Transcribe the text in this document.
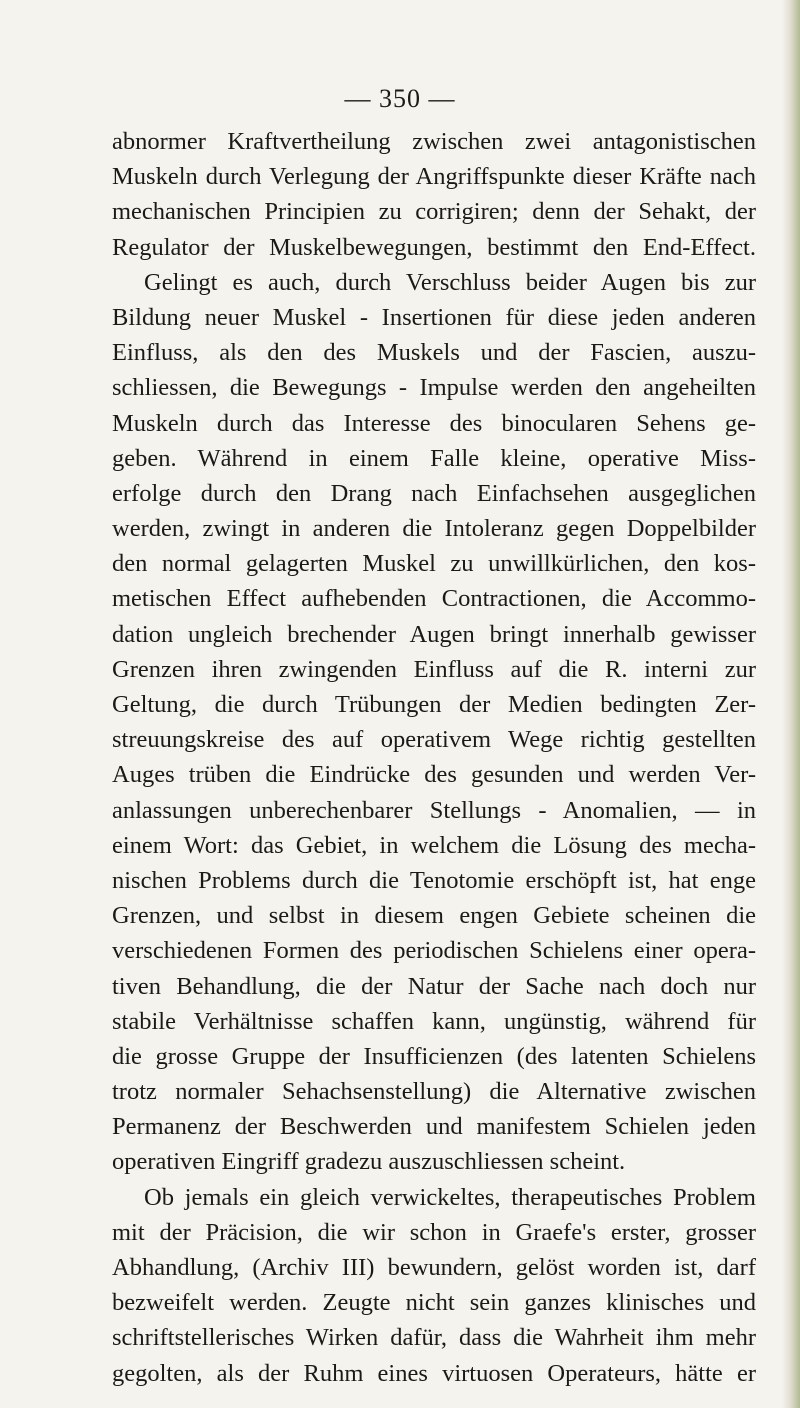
— 350 —
abnormer Kraftvertheilung zwischen zwei antagonistischen
Muskeln durch Verlegung der Angriffspunkte dieser Kräfte nach
mechanischen Principien zu corrigiren; denn der Sehakt, der
Regulator der Muskelbewegungen, bestimmt den End-Effect.
Gelingt es auch, durch Verschluss beider Augen bis zur
Bildung neuer Muskel - Insertionen für diese jeden anderen
Einfluss, als den des Muskels und der Fascien, auszu-
schliessen, die Bewegungs - Impulse werden den angeheilten
Muskeln durch das Interesse des binocularen Sehens ge-
geben. Während in einem Falle kleine, operative Miss-
erfolge durch den Drang nach Einfachsehen ausgeglichen
werden, zwingt in anderen die Intoleranz gegen Doppelbilder
den normal gelagerten Muskel zu unwillkürlichen, den kos-
metischen Effect aufhebenden Contractionen, die Accommo-
dation ungleich brechender Augen bringt innerhalb gewisser
Grenzen ihren zwingenden Einfluss auf die R. interni zur
Geltung, die durch Trübungen der Medien bedingten Zer-
streuungskreise des auf operativem Wege richtig gestellten
Auges trüben die Eindrücke des gesunden und werden Ver-
anlassungen unberechenbarer Stellungs - Anomalien, — in
einem Wort: das Gebiet, in welchem die Lösung des mecha-
nischen Problems durch die Tenotomie erschöpft ist, hat enge
Grenzen, und selbst in diesem engen Gebiete scheinen die
verschiedenen Formen des periodischen Schielens einer opera-
tiven Behandlung, die der Natur der Sache nach doch nur
stabile Verhältnisse schaffen kann, ungünstig, während für
die grosse Gruppe der Insufficienzen (des latenten Schielens
trotz normaler Sehachsenstellung) die Alternative zwischen
Permanenz der Beschwerden und manifestem Schielen jeden
operativen Eingriff gradezu auszuschliessen scheint.
Ob jemals ein gleich verwickeltes, therapeutisches Problem
mit der Präcision, die wir schon in Graefe's erster, grosser
Abhandlung, (Archiv III) bewundern, gelöst worden ist, darf
bezweifelt werden. Zeugte nicht sein ganzes klinisches und
schriftstellerisches Wirken dafür, dass die Wahrheit ihm mehr
gegolten, als der Ruhm eines virtuosen Operateurs, hätte er
